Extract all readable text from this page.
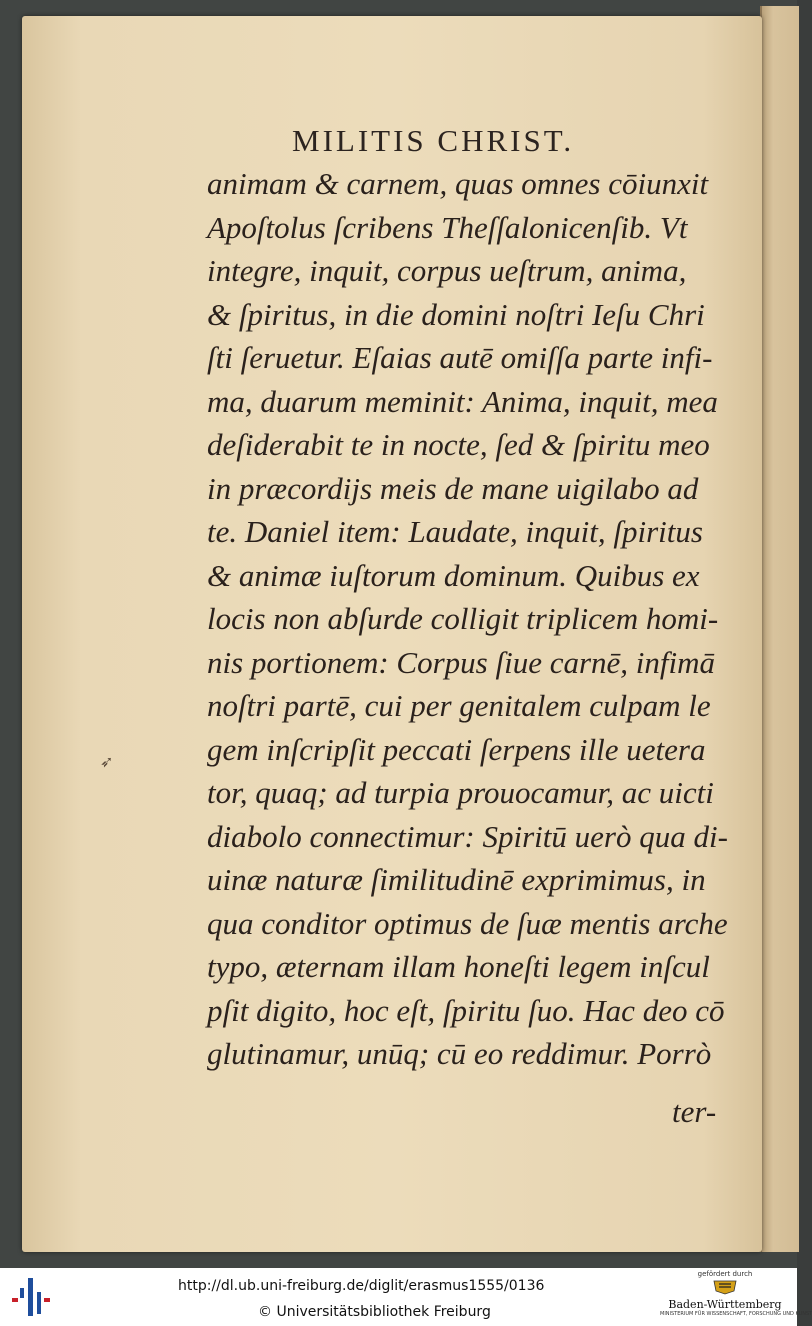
MILITIS CHRIST.
animam & carnem, quas omnes cōiunxit
Apoſtolus ſcribens Theſſalonicenſib. Vt
integre, inquit, corpus ueſtrum, anima,
& ſpiritus, in die domini noſtri Ieſu Chri
ſti ſeruetur. Eſaias autē omiſſa parte infi-
ma, duarum meminit: Anima, inquit, mea
deſiderabit te in nocte, ſed & ſpiritu meo
in præcordijs meis de mane uigilabo ad
te. Daniel item: Laudate, inquit, ſpiritus
& animæ iuſtorum dominum. Quibus ex
locis non abſurde colligit triplicem homi-
nis portionem: Corpus ſiue carnē, infimā
noſtri partē, cui per genitalem culpam le
gem inſcripſit peccati ſerpens ille uetera
tor, quaq; ad turpia prouocamur, ac uicti
diabolo connectimur: Spiritū uerò qua di-
uinæ naturæ ſimilitudinē exprimimus, in
qua conditor optimus de ſuæ mentis arche
typo, æternam illam honeſti legem inſcul
pſit digito, hoc eſt, ſpiritu ſuo. Hac deo cō
glutinamur, unūq; cū eo reddimur. Porrò
ter-
http://dl.ub.uni-freiburg.de/diglit/erasmus1555/0136
© Universitätsbibliothek Freiburg
gefördert durch
Baden-Württemberg
MINISTERIUM FÜR WISSENSCHAFT, FORSCHUNG UND KUNST
